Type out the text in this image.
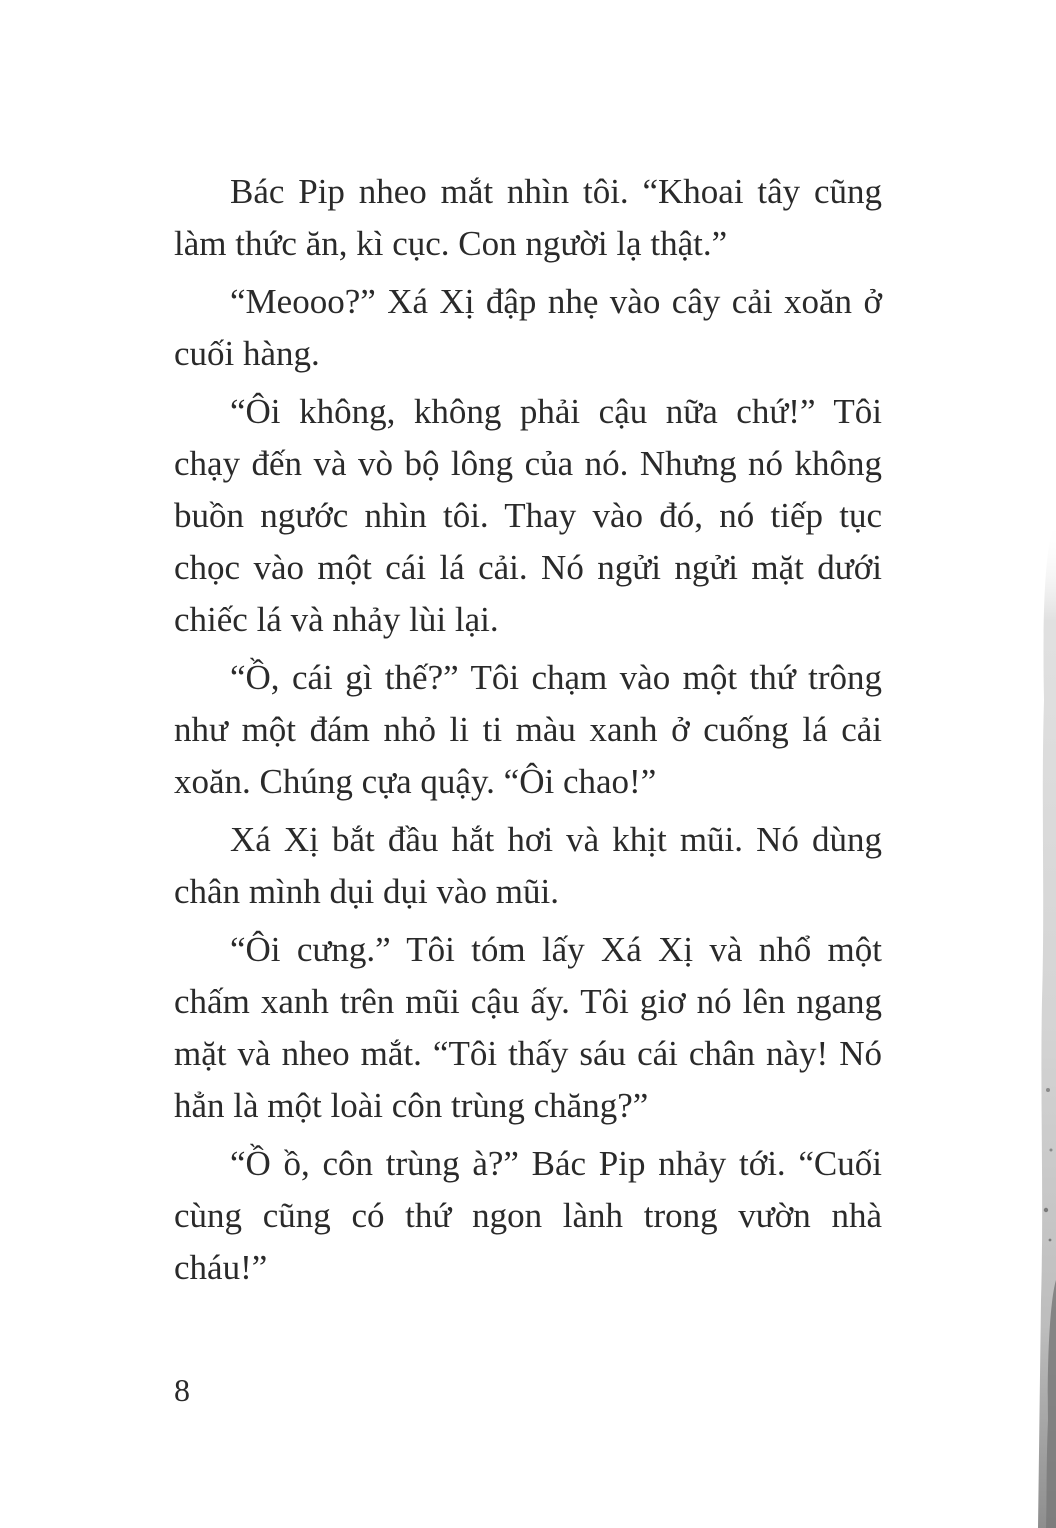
Bác Pip nheo mắt nhìn tôi. “Khoai tây cũng làm thức ăn, kì cục. Con người lạ thật.”

“Meooo?” Xá Xị đập nhẹ vào cây cải xoăn ở cuối hàng.

“Ôi không, không phải cậu nữa chứ!” Tôi chạy đến và vò bộ lông của nó. Nhưng nó không buồn ngước nhìn tôi. Thay vào đó, nó tiếp tục chọc vào một cái lá cải. Nó ngửi ngửi mặt dưới chiếc lá và nhảy lùi lại.

“Ồ, cái gì thế?” Tôi chạm vào một thứ trông như một đám nhỏ li ti màu xanh ở cuống lá cải xoăn. Chúng cựa quậy. “Ôi chao!”

Xá Xị bắt đầu hắt hơi và khịt mũi. Nó dùng chân mình dụi dụi vào mũi.

“Ôi cưng.” Tôi tóm lấy Xá Xị và nhổ một chấm xanh trên mũi cậu ấy. Tôi giơ nó lên ngang mặt và nheo mắt. “Tôi thấy sáu cái chân này! Nó hẳn là một loài côn trùng chăng?”

“Ồ ồ, côn trùng à?” Bác Pip nhảy tới. “Cuối cùng cũng có thứ ngon lành trong vườn nhà cháu!”

8
